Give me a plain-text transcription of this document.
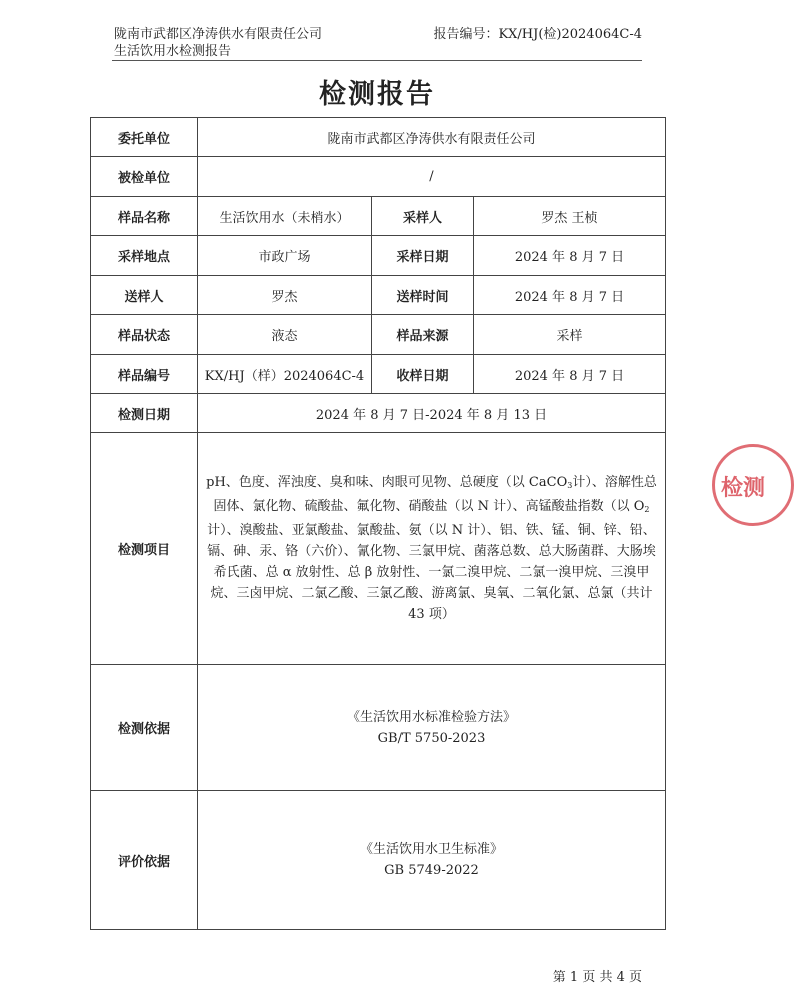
陇南市武都区净涛供水有限责任公司
生活饮用水检测报告
报告编号：KX/HJ(检)2024064C-4
检测报告
委托单位	陇南市武都区净涛供水有限责任公司		
被检单位	/		
样品名称	生活饮用水（未梢水）	采样人	罗杰 王桢
采样地点	市政广场	采样日期	2024 年 8 月 7 日
送样人	罗杰	送样时间	2024 年 8 月 7 日
样品状态	液态	样品来源	采样
样品编号	KX/HJ（样）2024064C-4	收样日期	2024 年 8 月 7 日
检测日期	2024 年 8 月 7 日-2024 年 8 月 13 日		
检测项目	pH、色度、浑浊度、臭和味、肉眼可见物、总硬度（以 CaCO$_3$计）、溶解性总固体、氯化物、硫酸盐、氟化物、硝酸盐（以 N 计）、高锰酸盐指数（以 $O_2$计）、溴酸盐、亚氯酸盐、氯酸盐、氨（以 N 计）、铝、铁、锰、铜、锌、铅、镉、砷、汞、铬（六价）、氰化物、三氯甲烷、菌落总数、总大肠菌群、大肠埃希氏菌、总 α 放射性、总 β 放射性、一氯二溴甲烷、二氯一溴甲烷、三溴甲烷、三卤甲烷、二氯乙酸、三氯乙酸、游离氯、臭氧、二氧化氯、总氯（共计 43 项）		
检测依据	《生活饮用水标准检验方法》
GB/T 5750-2023		

评价依据	《生活饮用水卫生标准》
GB 5749-2022		
检测
第 1 页 共 4 页
